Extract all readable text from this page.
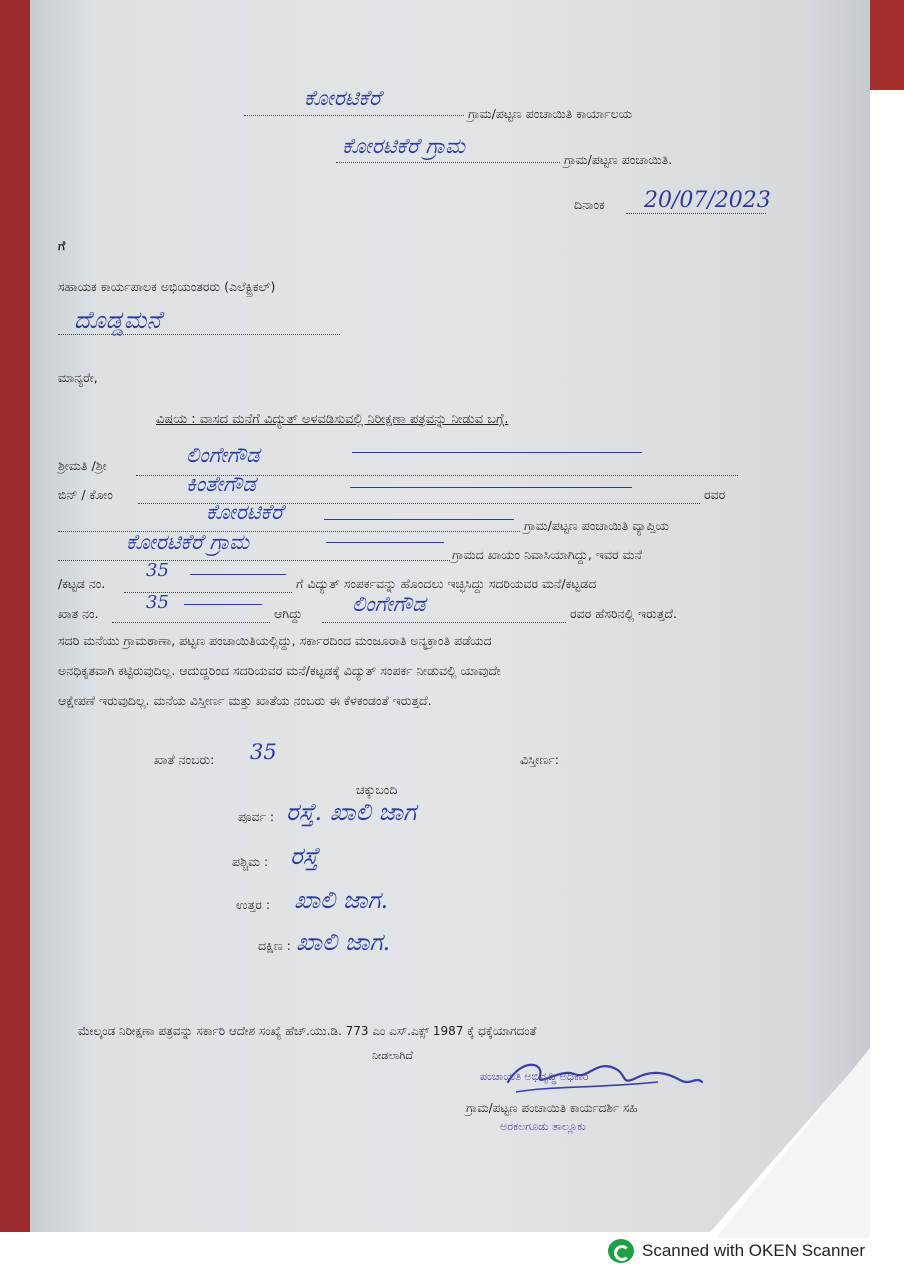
ಕೋರಟಿಕೆರೆ
ಗ್ರಾಮ/ಪಟ್ಟಣ ಪಂಚಾಯಿತಿ ಕಾರ್ಯಾಲಯ
ಕೋರಟಿಕೆರೆ ಗ್ರಾಮ
ಗ್ರಾಮ/ಪಟ್ಟಣ ಪಂಚಾಯಿತಿ.
ದಿನಾಂಕ 20/07/2023
ಗೆ
ಸಹಾಯಕ ಕಾರ್ಯಪಾಲಕ ಅಭಿಯಂತರರು (ಎಲೆಕ್ಟ್ರಿಕಲ್)
ದೊಡ್ಡಮನೆ
ಮಾನ್ಯರೇ,
ವಿಷಯ : ವಾಸದ ಮನೆಗೆ ವಿದ್ಯುತ್ ಅಳವಡಿಸುವಲ್ಲಿ ನಿರೀಕ್ಷಣಾ ಪತ್ರವನ್ನು ನೀಡುವ ಬಗ್ಗೆ.
ಶ್ರೀಮತಿ /ಶ್ರೀ	ಲಿಂಗೇಗೌಡ
ಬಿನ್ / ಕೋಂ	ಕಿಂತೇಗೌಡ	ರವರ
ಕೋರಟಿಕೆರೆ
ಗ್ರಾಮ/ಪಟ್ಟಣ ಪಂಚಾಯಿತಿ ವ್ಯಾಪ್ತಿಯ
ಕೋರಟಿಕೆರೆ ಗ್ರಾಮ
ಗ್ರಾಮದ ಖಾಯಂ ನಿವಾಸಿಯಾಗಿದ್ದು, ಇವರ ಮನೆ
/ಕಟ್ಟಡ ನಂ.
35
ಗೆ ವಿದ್ಯುತ್ ಸಂಪರ್ಕವನ್ನು ಹೊಂದಲು ಇಚ್ಛಿಸಿದ್ದು ಸದರಿಯವರ ಮನೆ/ಕಟ್ಟಡದ
ಖಾತ ನಂ.
35
ಆಗಿದ್ದು ಲಿಂಗೇಗೌಡ	ರವರ ಹೆಸರಿನಲ್ಲಿ ಇರುತ್ತದೆ.
ಸದರಿ ಮನೆಯು ಗ್ರಾಮಠಾಣಾ, ಪಟ್ಟಣ ಪಂಚಾಯಿತಿಯಲ್ಲಿದ್ದು, ಸರ್ಕಾರದಿಂದ ಮಂಜೂರಾತಿ ಅನ್ಯಕ್ರಾಂತಿ ಪಡೆಯದ
ಅನಧಿಕೃತವಾಗಿ ಕಟ್ಟಿರುವುದಿಲ್ಲ. ಆದುದ್ದರಿಂದ ಸದರಿಯವರ ಮನೆ/ಕಟ್ಟಡಕ್ಕೆ ವಿದ್ಯುತ್ ಸಂಪರ್ಕ ನೀಡುವಲ್ಲಿ ಯಾವುದೇ
ಆಕ್ಷೇಪಣೆ ಇರುವುದಿಲ್ಲ. ಮನೆಯ ವಿಸ್ತೀರ್ಣ ಮತ್ತು ಖಾತೆಯ ನಂಬರು ಈ ಕೆಳಕಂಡಂತೆ ಇರುತ್ತದೆ.
ಖಾತೆ ನಂಬರು: 35	ವಿಸ್ತೀರ್ಣ:
ಚಕ್ಕುಬಂದಿ
ಪೂರ್ವ : ರಸ್ತೆ. ಖಾಲಿ ಜಾಗ
ಪಶ್ಚಿಮ : ರಸ್ತೆ
ಉತ್ತರ : ಖಾಲಿ ಜಾಗ.
ದಕ್ಷಿಣ : ಖಾಲಿ ಜಾಗ.
ಮೇಲ್ಕಂಡ ನಿರೀಕ್ಷಣಾ ಪತ್ರವನ್ನು ಸರ್ಕಾರಿ ಆದೇಶ ಸಂಖ್ಯೆ ಹೆಚ್.ಯು.ಡಿ. 773 ಎಂ ಎಸ್.ಎಕ್ಸ್ 1987 ಕ್ಕೆ ಧಕ್ಕೆಯಾಗದಂತೆ
ನೀಡಲಾಗಿದೆ
ಪಂಚಾಯತಿ ಅಭಿವೃದ್ಧಿ ಅಧಿಕಾರಿ
ಗ್ರಾಮ/ಪಟ್ಟಣ ಪಂಚಾಯಿತಿ ಕಾರ್ಯದರ್ಶಿ ಸಹಿ
ಅರಕಲಗೂಡು ತಾಲ್ಲೂಕು
Scanned with OKEN Scanner
